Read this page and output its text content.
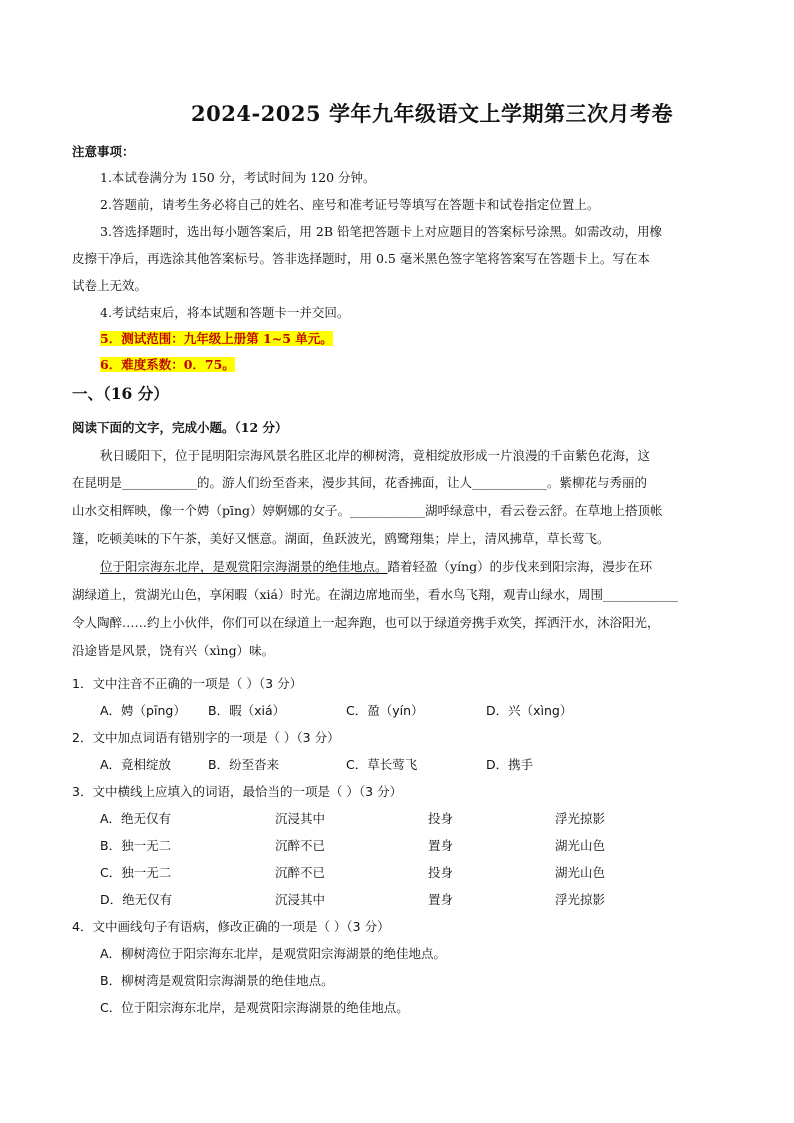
2024-2025 学年九年级语文上学期第三次月考卷
注意事项：
1.本试卷满分为 150 分，考试时间为 120 分钟。
2.答题前，请考生务必将自己的姓名、座号和准考证号等填写在答题卡和试卷指定位置上。
3.答选择题时，选出每小题答案后，用 2B 铅笔把答题卡上对应题目的答案标号涂黑。如需改动，用橡
皮擦干净后，再选涂其他答案标号。答非选择题时，用 0.5 毫米黑色签字笔将答案写在答题卡上。写在本
试卷上无效。
4.考试结束后，将本试题和答题卡一并交回。
5．测试范围：九年级上册第 1~5 单元。
6．难度系数：0．75。
一、（16 分）
阅读下面的文字，完成小题。（12 分）
秋日暖阳下，位于昆明阳宗海风景名胜区北岸的柳树湾，竟相绽放形成一片浪漫的千亩紫色花海，这
在昆明是____________的。游人们纷至沓来，漫步其间，花香拂面，让人____________。紫柳花与秀丽的
山水交相辉映，像一个娉（pīng）婷婀娜的女子。____________湖呼绿意中，看云卷云舒。在草地上搭顶帐
篷，吃顿美味的下午茶，美好又惬意。湖面，鱼跃波光，鸥鹭翔集；岸上，清风拂草，草长莺飞。
位于阳宗海东北岸，是观赏阳宗海湖景的绝佳地点。踏着轻盈（yíng）的步伐来到阳宗海，漫步在环
湖绿道上，赏湖光山色，享闲暇（xiá）时光。在湖边席地而坐，看水鸟飞翔，观青山绿水，周围____________
令人陶醉……约上小伙伴，你们可以在绿道上一起奔跑，也可以于绿道旁携手欢笑，挥洒汗水，沐浴阳光，
沿途皆是风景，饶有兴（xìng）味。
1．文中注音不正确的一项是（ ）（3 分）
A．娉（pīng） B．暇（xiá）	C．盈（yín）	D．兴（xìng）
2．文中加点词语有错别字的一项是（ ）（3 分）
A．竟相绽放	B．纷至沓来	C．草长莺飞	D．携手
3．文中横线上应填入的词语，最恰当的一项是（ ）（3 分）
A．绝无仅有	沉浸其中	投身	浮光掠影
B．独一无二	沉醉不已	置身	湖光山色
C．独一无二	沉醉不已	投身	湖光山色
D．绝无仅有	沉浸其中	置身	浮光掠影
4．文中画线句子有语病，修改正确的一项是（ ）（3 分）
A．柳树湾位于阳宗海东北岸，是观赏阳宗海湖景的绝佳地点。
B．柳树湾是观赏阳宗海湖景的绝佳地点。
C．位于阳宗海东北岸，是观赏阳宗海湖景的绝佳地点。
